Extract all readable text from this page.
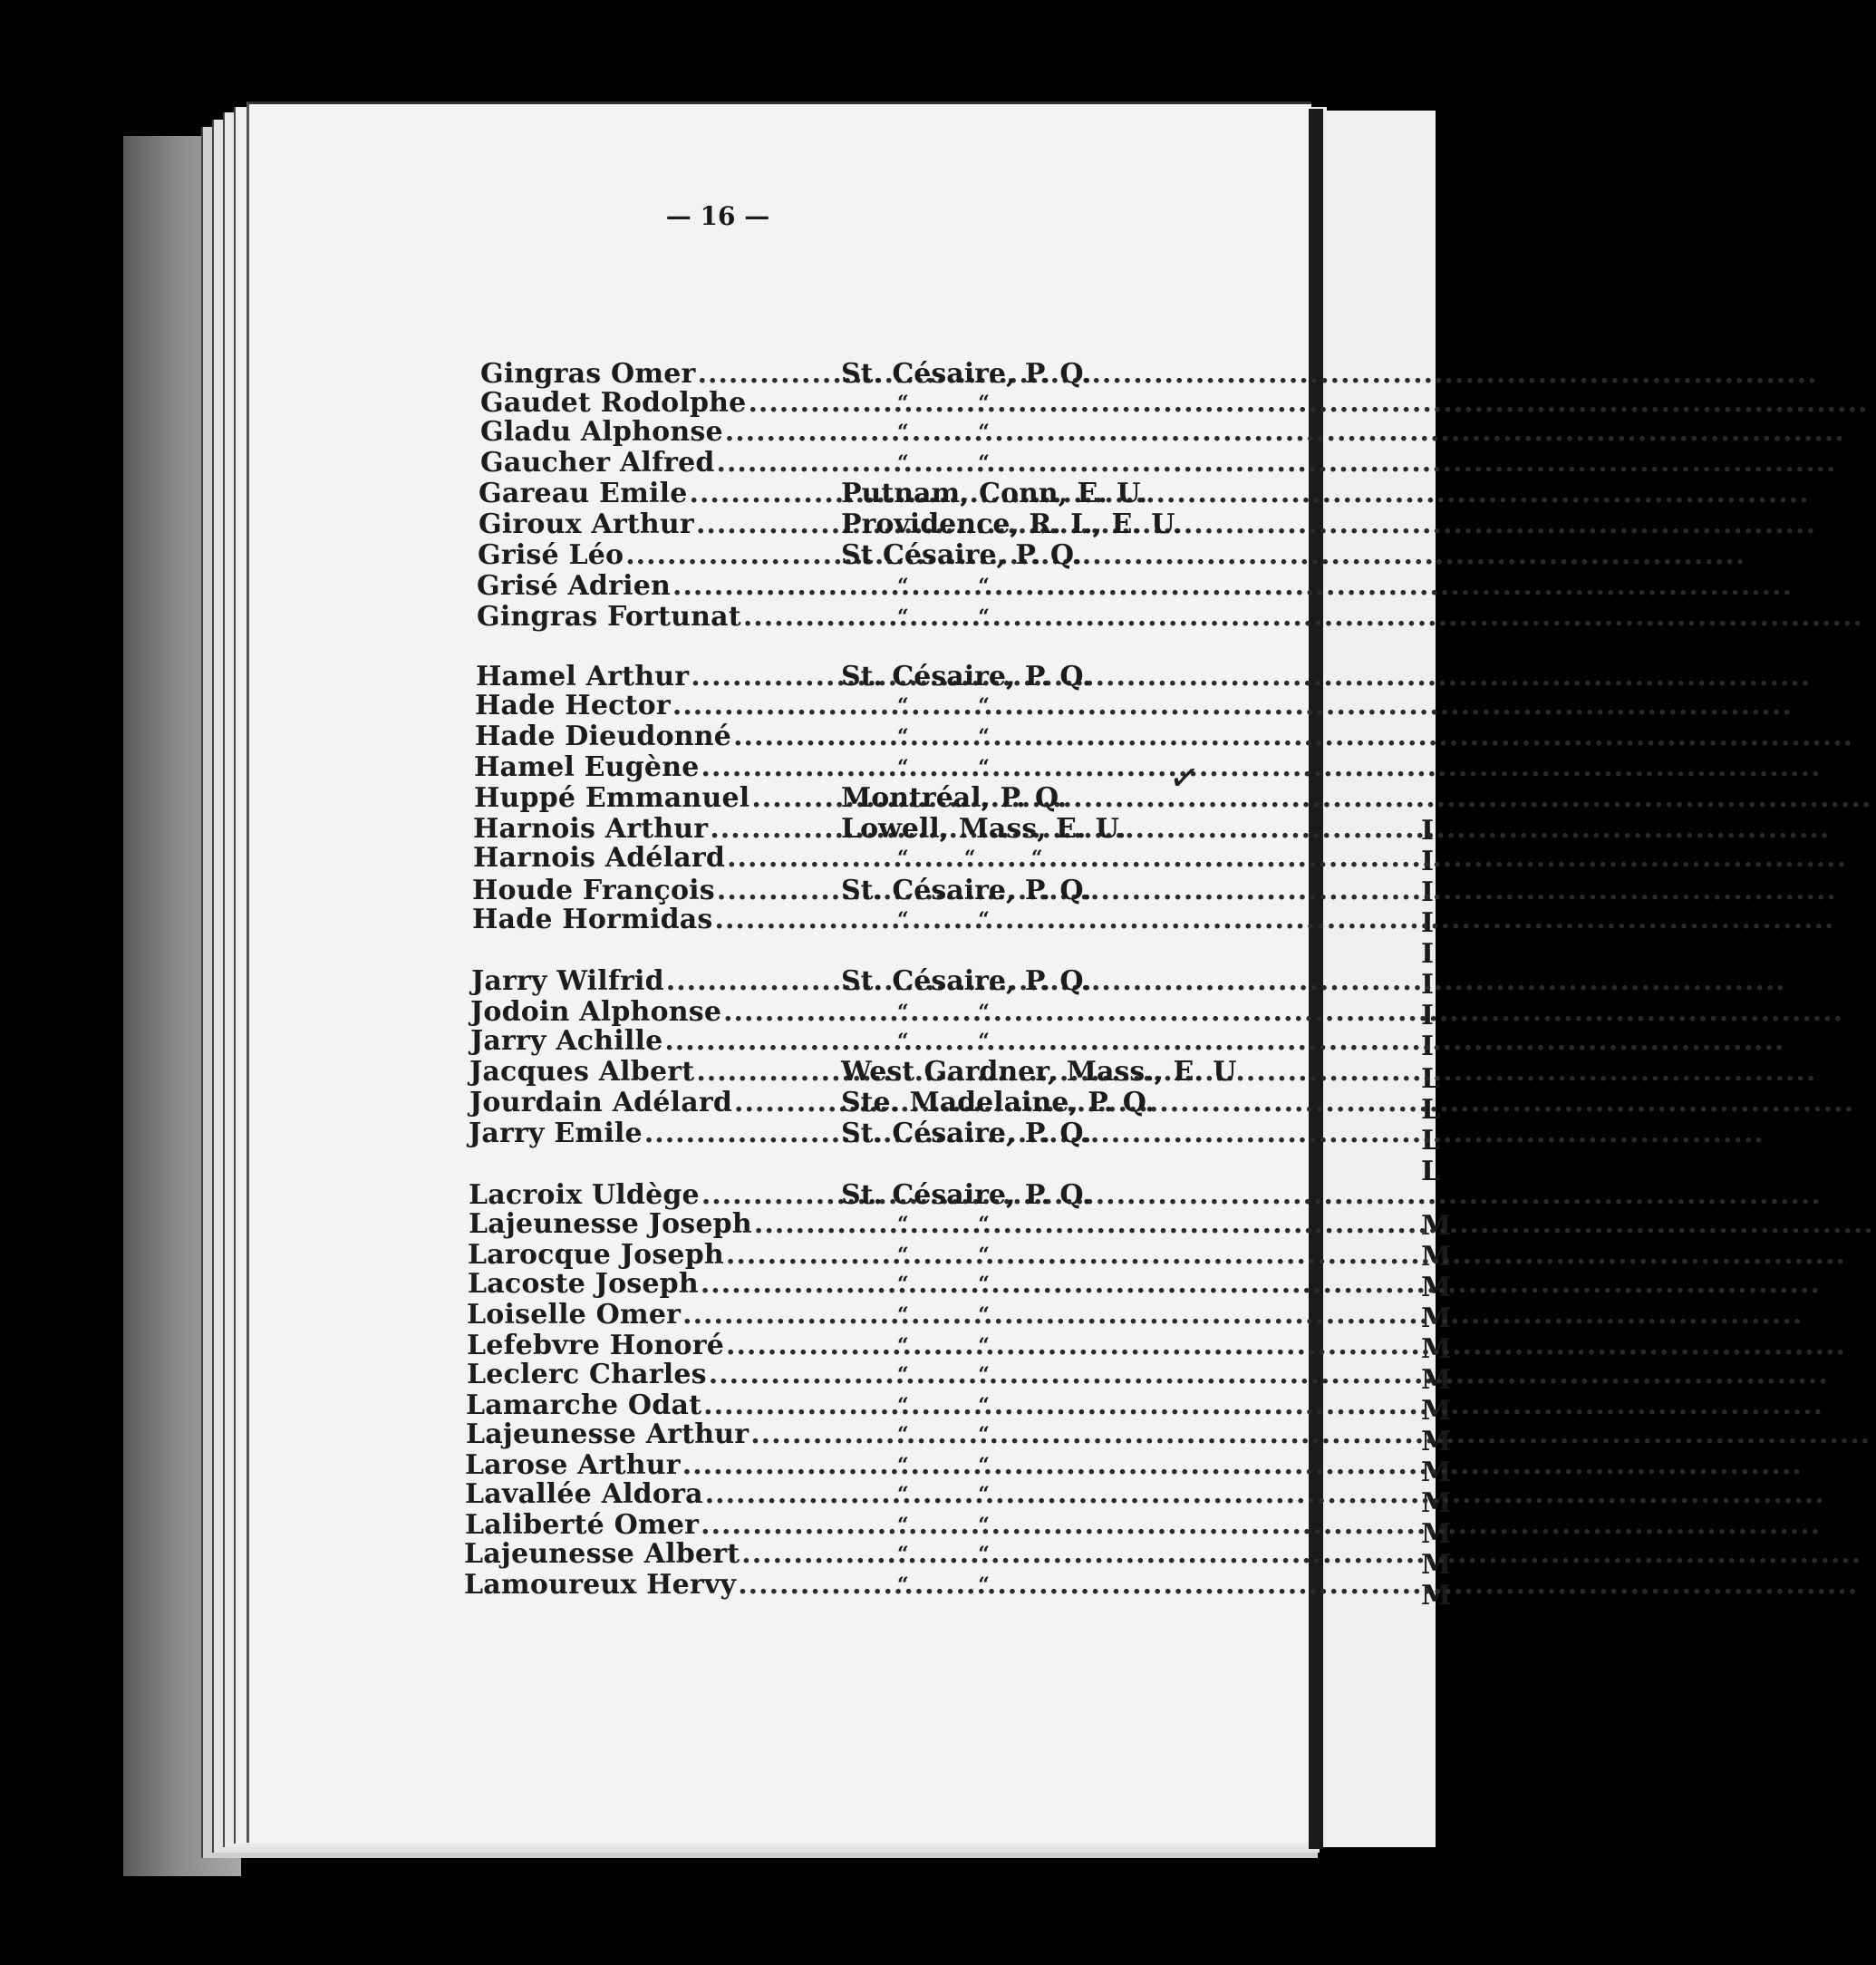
I
I
I
I
I
I
I
I
L
L
L
L
M
M
M
M
M
M
M
M
M
M
M
M
M
— 16 —
Gingras Omer .....	St. Césaire, P. Q.
Gaudet Rodolphe .....	“          “
Gladu Alphonse .....	“          “
Gaucher Alfred .....	“          “
Gareau Emile .....	Putnam, Conn, E. U.
Giroux Arthur .....	Providence, R. I., E. U.
Grisé Léo .....	St Césaire, P. Q.
Grisé Adrien .....	“          “
Gingras Fortunat .....	“          “
Hamel Arthur .....	St. Césaire, P. Q.
Hade Hector .....	“          “
Hade Dieudonné .....	“          “
Hamel Eugène .....	“          “
Huppé Emmanuel .....	Montréal, P. Q.
Harnois Arthur .....	Lowell, Mass, E. U.
Harnois Adélard .....	“        “        “
Houde François .....	St. Césaire, P. Q.
Hade Hormidas .....	“          “
Jarry Wilfrid .....	St. Césaire, P. Q.
Jodoin Alphonse .....	“          “
Jarry Achille .....	“          “
Jacques Albert .....	West Gardner, Mass., E. U
Jourdain Adélard .....	Ste. Madelaine, P. Q.
Jarry Emile .....	St. Césaire, P. Q.
Lacroix Uldège .....	St. Césaire, P. Q.
Lajeunesse Joseph .....	“          “
Larocque Joseph .....	“          “
Lacoste Joseph .....	“          “
Loiselle Omer .....	“          “
Lefebvre Honoré .....	“          “
Leclerc Charles .....	“          “
Lamarche Odat .....	“          “
Lajeunesse Arthur .....	“          “
Larose Arthur .....	“          “
Lavallée Aldora .....	“          “
Laliberté Omer .....	“          “
Lajeunesse Albert .....	“          “
Lamoureux Hervy .....	“          “
✓
